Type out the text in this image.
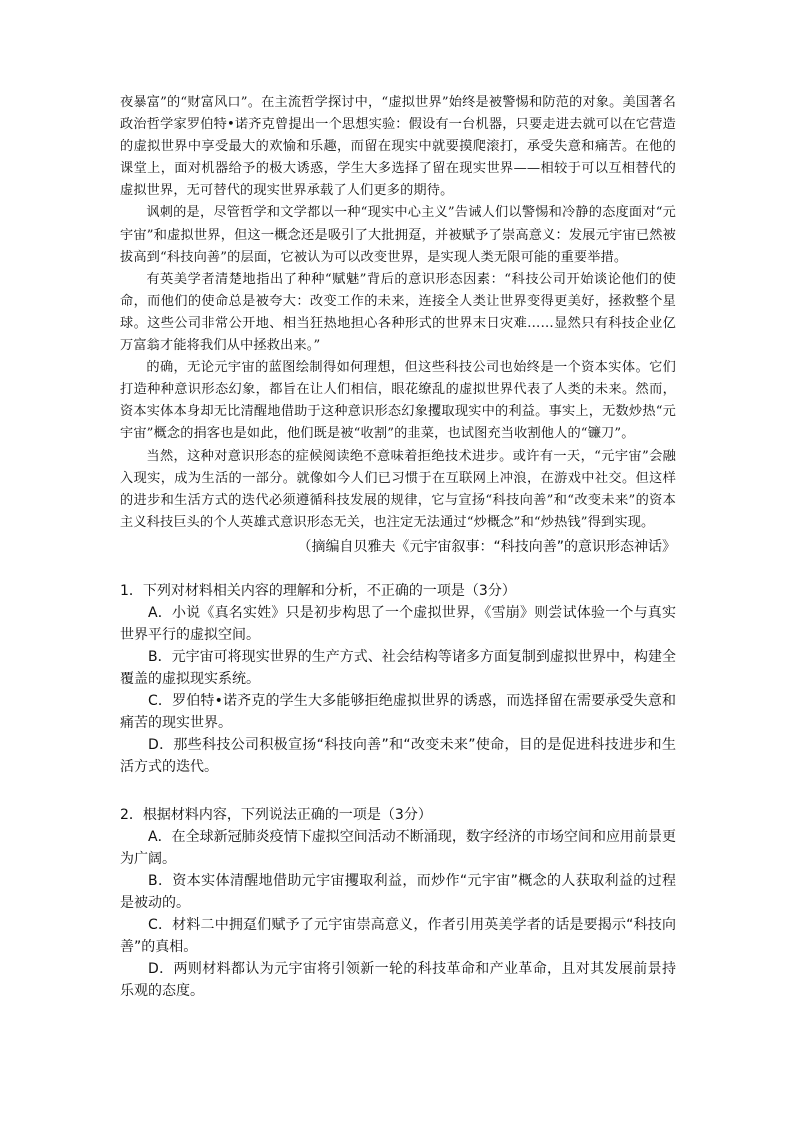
夜暴富”的“财富风口”。在主流哲学探讨中，“虚拟世界”始终是被警惕和防范的对象。美国著名政治哲学家罗伯特•诺齐克曾提出一个思想实验：假设有一台机器，只要走进去就可以在它营造的虚拟世界中享受最大的欢愉和乐趣，而留在现实中就要摸爬滚打，承受失意和痛苦。在他的课堂上，面对机器给予的极大诱惑，学生大多选择了留在现实世界——相较于可以互相替代的虚拟世界，无可替代的现实世界承载了人们更多的期待。

讽刺的是，尽管哲学和文学都以一种“现实中心主义”告诫人们以警惕和冷静的态度面对“元宇宙”和虚拟世界，但这一概念还是吸引了大批拥趸，并被赋予了崇高意义：发展元宇宙已然被拔高到“科技向善”的层面，它被认为可以改变世界，是实现人类无限可能的重要举措。

有英美学者清楚地指出了种种“赋魅”背后的意识形态因素：“科技公司开始谈论他们的使命，而他们的使命总是被夸大：改变工作的未来，连接全人类让世界变得更美好，拯救整个星球。这些公司非常公开地、相当狂热地担心各种形式的世界末日灾难……显然只有科技企业亿万富翁才能将我们从中拯救出来。”

的确，无论元宇宙的蓝图绘制得如何理想，但这些科技公司也始终是一个资本实体。它们打造种种意识形态幻象，都旨在让人们相信，眼花缭乱的虚拟世界代表了人类的未来。然而，资本实体本身却无比清醒地借助于这种意识形态幻象攫取现实中的利益。事实上，无数炒热“元宇宙”概念的捐客也是如此，他们既是被“收割”的韭菜，也试图充当收割他人的“镰刀”。

当然，这种对意识形态的症候阅读绝不意味着拒绝技术进步。或许有一天，“元宇宙”会融入现实，成为生活的一部分。就像如今人们已习惯于在互联网上冲浪，在游戏中社交。但这样的进步和生活方式的迭代必须遵循科技发展的规律，它与宣扬“科技向善”和“改变未来”的资本主义科技巨头的个人英雄式意识形态无关，也注定无法通过“炒概念”和“炒热钱”得到实现。

（摘编自贝雅夫《元宇宙叙事：“科技向善”的意识形态神话》

1．下列对材料相关内容的理解和分析，不正确的一项是（3分）

A．小说《真名实姓》只是初步构思了一个虚拟世界，《雪崩》则尝试体验一个与真实世界平行的虚拟空间。

B．元宇宙可将现实世界的生产方式、社会结构等诸多方面复制到虚拟世界中，构建全覆盖的虚拟现实系统。

C．罗伯特•诺齐克的学生大多能够拒绝虚拟世界的诱惑，而选择留在需要承受失意和痛苦的现实世界。

D．那些科技公司积极宣扬“科技向善”和“改变未来”使命，目的是促进科技进步和生活方式的迭代。

2．根据材料内容，下列说法正确的一项是（3分）

A．在全球新冠肺炎疫情下虚拟空间活动不断涌现，数字经济的市场空间和应用前景更为广阔。

B．资本实体清醒地借助元宇宙攫取利益，而炒作“元宇宙”概念的人获取利益的过程是被动的。

C．材料二中拥趸们赋予了元宇宙崇高意义，作者引用英美学者的话是要揭示“科技向善”的真相。

D．两则材料都认为元宇宙将引领新一轮的科技革命和产业革命，且对其发展前景持乐观的态度。
